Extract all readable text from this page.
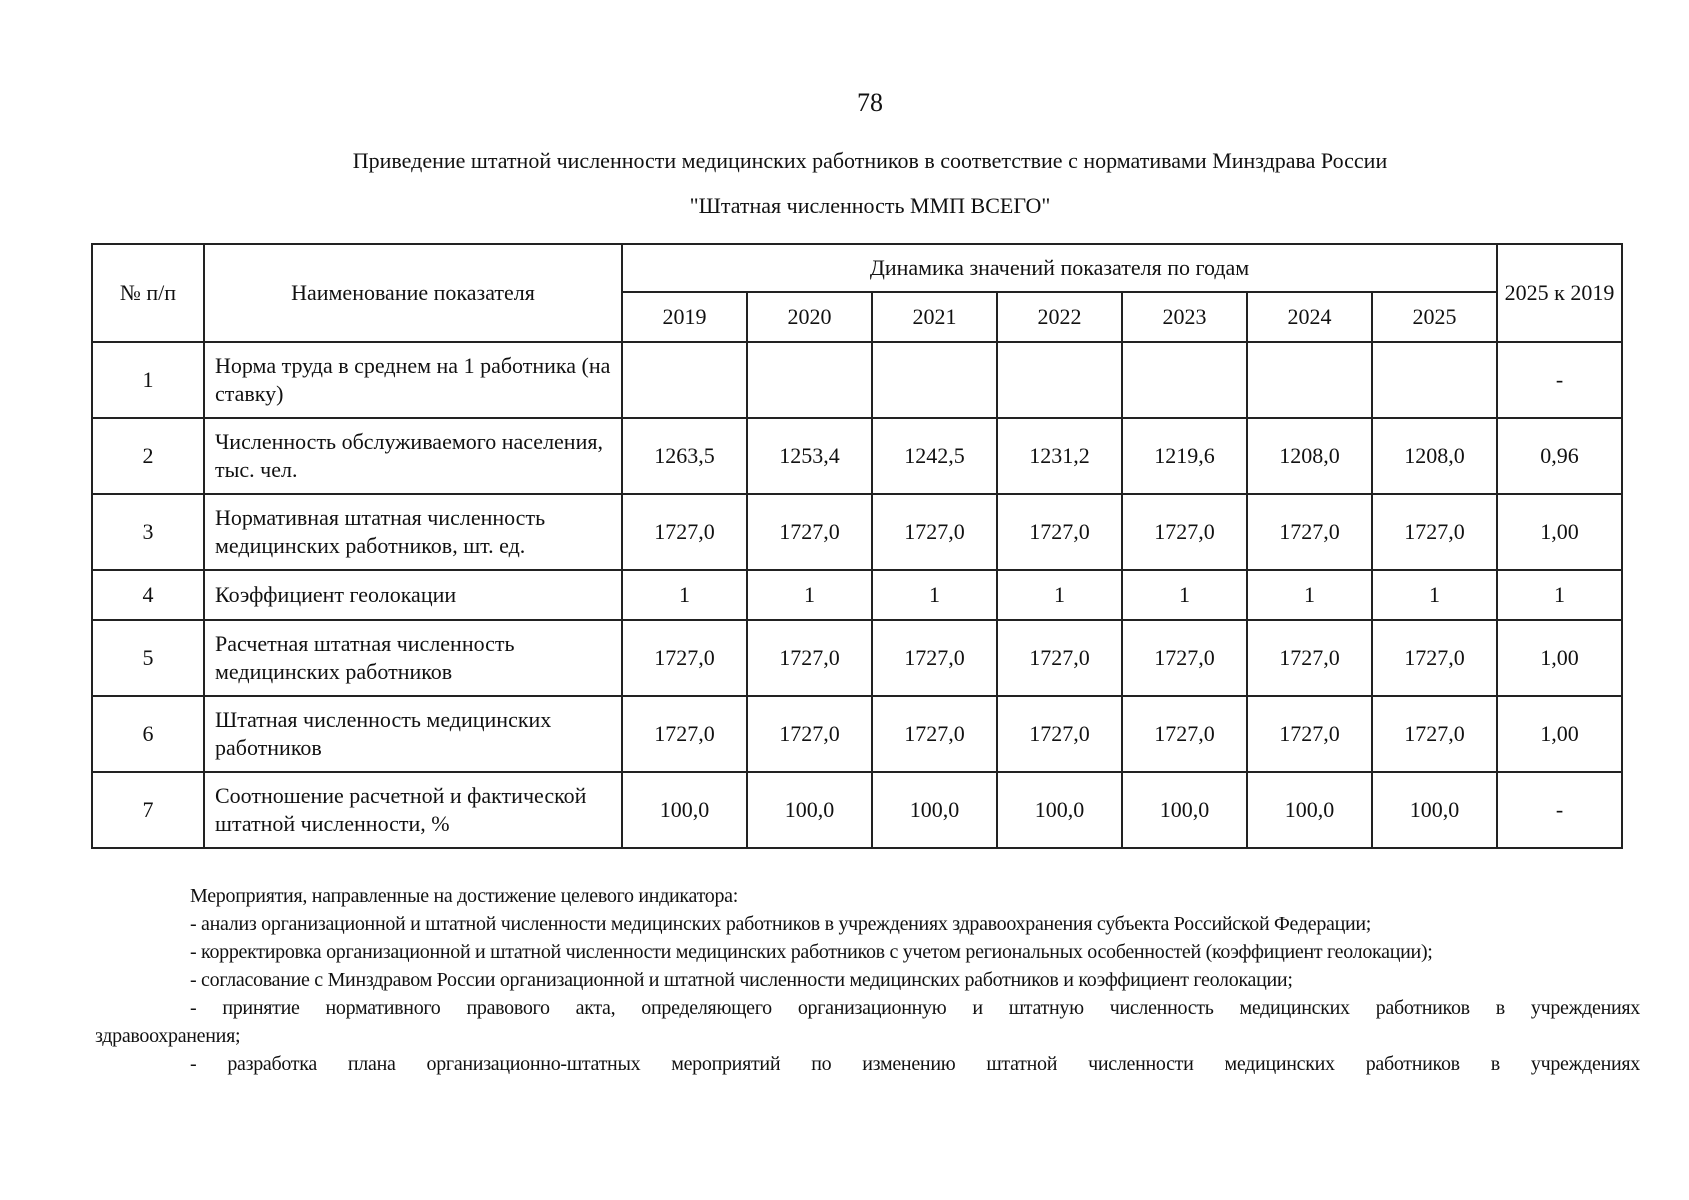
78
Приведение штатной численности медицинских работников в соответствие с нормативами Минздрава России
"Штатная численность ММП ВСЕГО"
№ п/п	Наименование показателя	Динамика значений показателя по годам							2025 к 2019
		2019	2020	2021	2022	2023	2024	2025	
1	Норма труда в среднем на 1 работника (на ставку)								-
2	Численность обслуживаемого населения, тыс. чел.	1263,5	1253,4	1242,5	1231,2	1219,6	1208,0	1208,0	0,96
3	Нормативная штатная численность медицинских работников, шт. ед.	1727,0	1727,0	1727,0	1727,0	1727,0	1727,0	1727,0	1,00
4	Коэффициент геолокации	1	1	1	1	1	1	1	1
5	Расчетная штатная численность медицинских работников	1727,0	1727,0	1727,0	1727,0	1727,0	1727,0	1727,0	1,00
6	Штатная численность медицинских работников	1727,0	1727,0	1727,0	1727,0	1727,0	1727,0	1727,0	1,00
7	Соотношение расчетной и фактической штатной численности, %	100,0	100,0	100,0	100,0	100,0	100,0	100,0	-

Мероприятия, направленные на достижение целевого индикатора:

- анализ организационной и штатной численности медицинских работников в учреждениях здравоохранения субъекта Российской Федерации;

- корректировка организационной и штатной численности медицинских работников с учетом региональных особенностей (коэффициент геолокации);

- согласование с Минздравом России организационной и штатной численности медицинских работников и коэффициент геолокации;

- принятие нормативного правового акта, определяющего организационную и штатную численность медицинских работников в учреждениях

здравоохранения;

- разработка плана организационно-штатных мероприятий по изменению штатной численности медицинских работников в учреждениях
